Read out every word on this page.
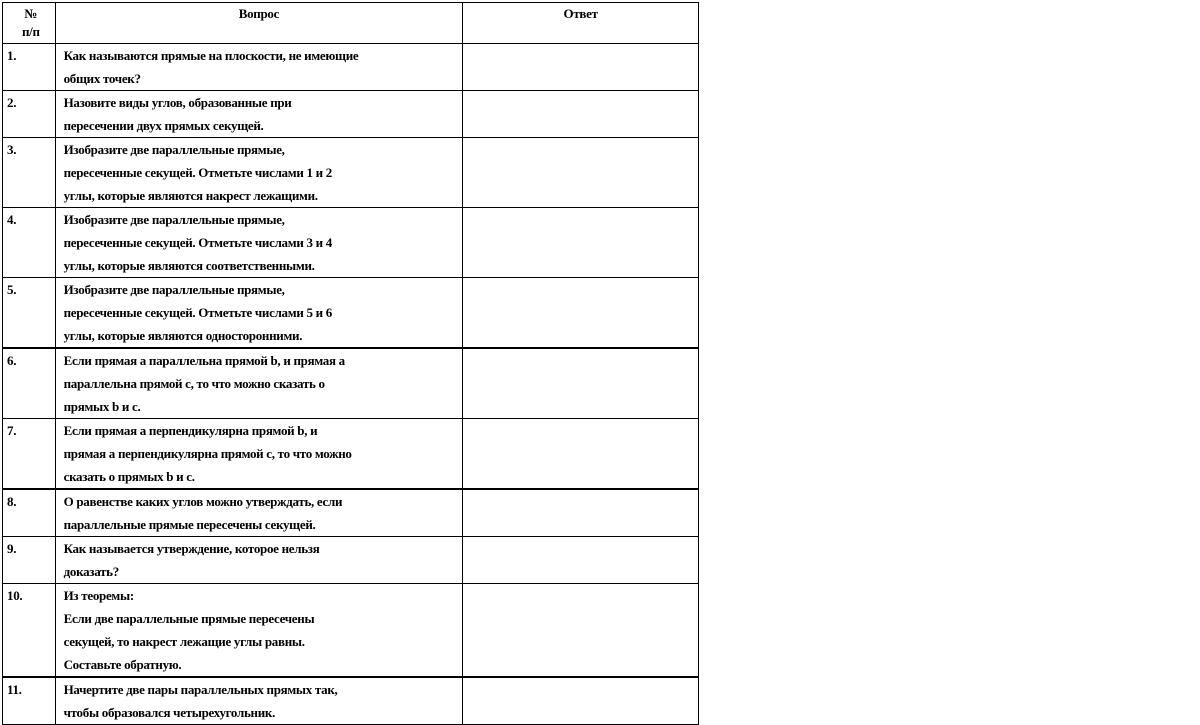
№
п/п	Вопрос	Ответ
1.	Как называются прямые на плоскости, не имеющие
общих точек?	

2.	Назовите виды углов, образованные при
пересечении двух прямых секущей.	

3.	Изобразите две параллельные прямые,
пересеченные секущей. Отметьте числами 1 и 2
углы, которые являются накрест лежащими.	

4.	Изобразите две параллельные прямые,
пересеченные секущей. Отметьте числами 3 и 4
углы, которые являются соответственными.	

5.	Изобразите две параллельные прямые,
пересеченные секущей. Отметьте числами 5 и 6
углы, которые являются односторонними.	

6.	Если прямая a параллельна прямой b, и прямая a
параллельна прямой с, то что можно сказать о
прямых b и с.	

7.	Если прямая a перпендикулярна прямой b, и
прямая a перпендикулярна прямой с, то что можно
сказать о прямых b и с.	

8.	О равенстве каких углов можно утверждать, если
параллельные прямые пересечены секущей.	

9.	Как называется утверждение, которое нельзя
доказать?	

10.	Из теоремы:
Если две параллельные прямые пересечены
секущей, то накрест лежащие углы равны.
Составьте обратную.	

11.	Начертите две пары параллельных прямых так,
чтобы образовался четырехугольник.	
